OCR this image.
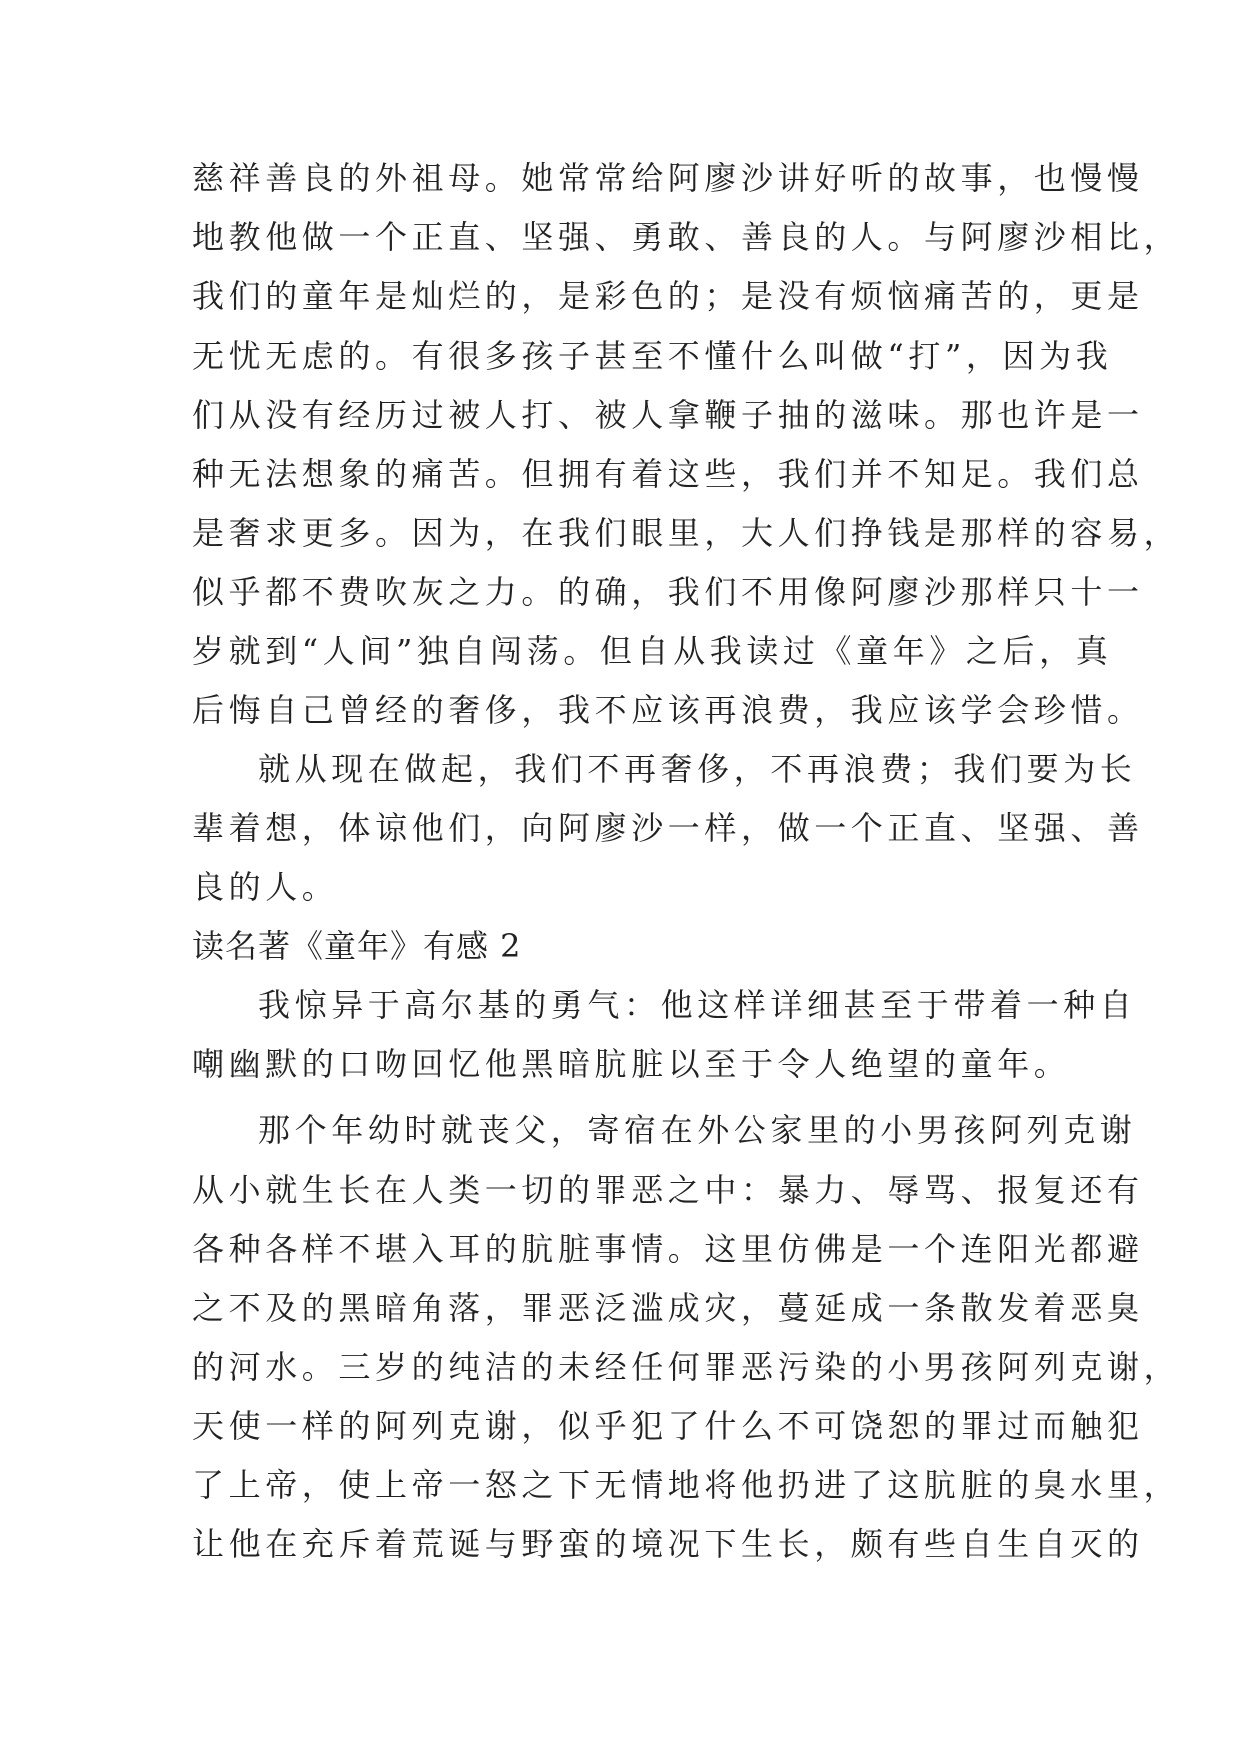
慈祥善良的外祖母。她常常给阿廖沙讲好听的故事，也慢慢
地教他做一个正直、坚强、勇敢、善良的人。与阿廖沙相比，
我们的童年是灿烂的，是彩色的；是没有烦恼痛苦的，更是
无忧无虑的。有很多孩子甚至不懂什么叫做“打”，因为我
们从没有经历过被人打、被人拿鞭子抽的滋味。那也许是一
种无法想象的痛苦。但拥有着这些，我们并不知足。我们总
是奢求更多。因为，在我们眼里，大人们挣钱是那样的容易，
似乎都不费吹灰之力。的确，我们不用像阿廖沙那样只十一
岁就到“人间”独自闯荡。但自从我读过《童年》之后，真
后悔自己曾经的奢侈，我不应该再浪费，我应该学会珍惜。
就从现在做起，我们不再奢侈，不再浪费；我们要为长
辈着想，体谅他们，向阿廖沙一样，做一个正直、坚强、善
良的人。
读名著《童年》有感 2
我惊异于高尔基的勇气：他这样详细甚至于带着一种自
嘲幽默的口吻回忆他黑暗肮脏以至于令人绝望的童年。
那个年幼时就丧父，寄宿在外公家里的小男孩阿列克谢
从小就生长在人类一切的罪恶之中：暴力、辱骂、报复还有
各种各样不堪入耳的肮脏事情。这里仿佛是一个连阳光都避
之不及的黑暗角落，罪恶泛滥成灾，蔓延成一条散发着恶臭
的河水。三岁的纯洁的未经任何罪恶污染的小男孩阿列克谢，
天使一样的阿列克谢，似乎犯了什么不可饶恕的罪过而触犯
了上帝，使上帝一怒之下无情地将他扔进了这肮脏的臭水里，
让他在充斥着荒诞与野蛮的境况下生长，颇有些自生自灭的
